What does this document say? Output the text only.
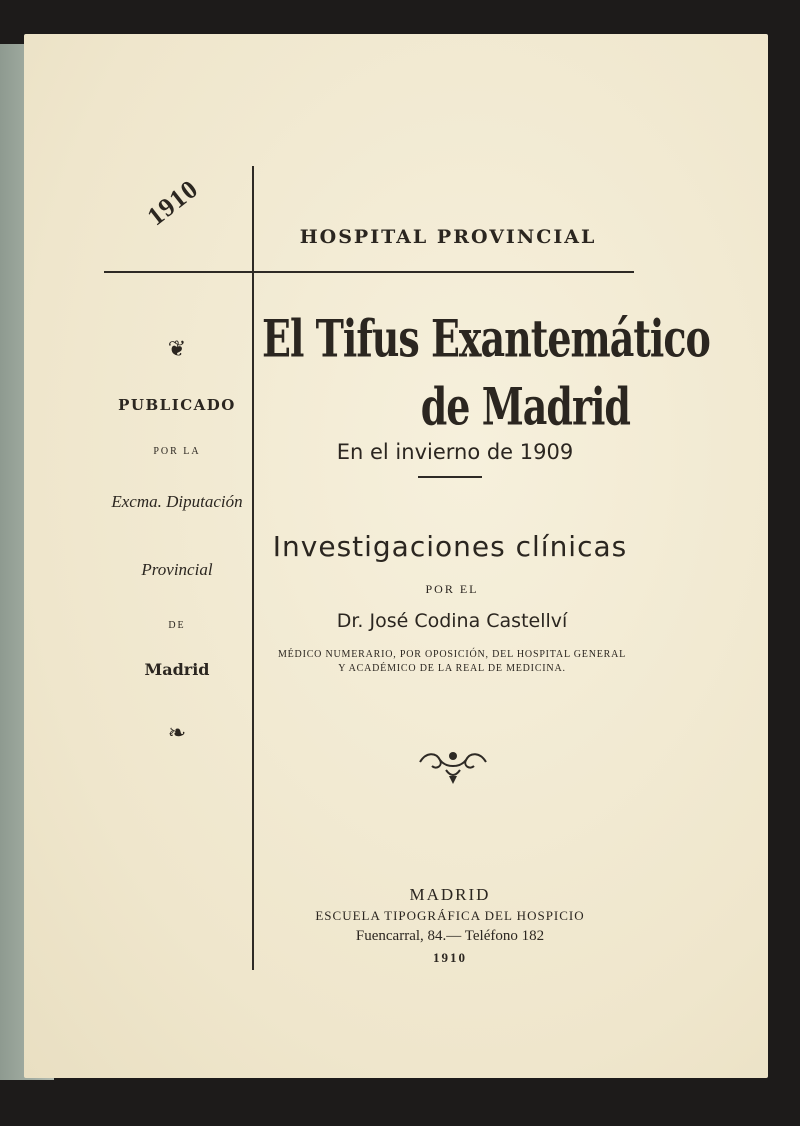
1910
HOSPITAL PROVINCIAL
❦
PUBLICADO
POR LA
Excma. Diputación
Provincial
DE
Madrid
❧
El Tifus Exantemático
de Madrid
En el invierno de 1909
Investigaciones clínicas
POR EL
Dr. José Codina Castellví
MÉDICO NUMERARIO, POR OPOSICIÓN, DEL HOSPITAL GENERAL
Y ACADÉMICO DE LA REAL DE MEDICINA.
MADRID
ESCUELA TIPOGRÁFICA DEL HOSPICIO
Fuencarral, 84.— Teléfono 182
1910
